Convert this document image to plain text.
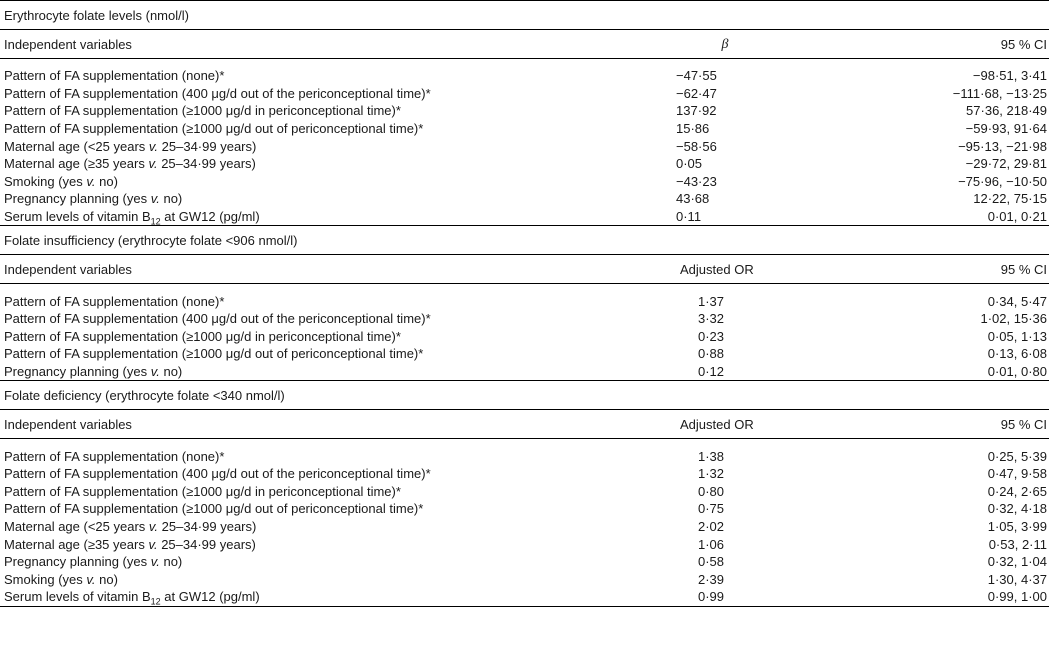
Erythrocyte folate levels (nmol/l)
Independent variables	β	95 % CI
Pattern of FA supplementation (none)*	−47·55	−98·51, 3·41
Pattern of FA supplementation (400 μg/d out of the periconceptional time)*	−62·47	−111·68, −13·25
Pattern of FA supplementation (≥1000 μg/d in periconceptional time)*	137·92	57·36, 218·49
Pattern of FA supplementation (≥1000 μg/d out of periconceptional time)*	15·86	−59·93, 91·64
Maternal age (<25 years v. 25–34·99 years)	−58·56	−95·13, −21·98
Maternal age (≥35 years v. 25–34·99 years)	0·05	−29·72, 29·81
Smoking (yes v. no)	−43·23	−75·96, −10·50
Pregnancy planning (yes v. no)	43·68	12·22, 75·15
Serum levels of vitamin $B_{12}$ at GW12 (pg/ml)	0·11	0·01, 0·21
Folate insufficiency (erythrocyte folate <906 nmol/l)
Independent variables	Adjusted OR	95 % CI
Pattern of FA supplementation (none)*	1·37	0·34, 5·47
Pattern of FA supplementation (400 μg/d out of the periconceptional time)*	3·32	1·02, 15·36
Pattern of FA supplementation (≥1000 μg/d in periconceptional time)*	0·23	0·05, 1·13
Pattern of FA supplementation (≥1000 μg/d out of periconceptional time)*	0·88	0·13, 6·08
Pregnancy planning (yes v. no)	0·12	0·01, 0·80
Folate deficiency (erythrocyte folate <340 nmol/l)
Independent variables	Adjusted OR	95 % CI
Pattern of FA supplementation (none)*	1·38	0·25, 5·39
Pattern of FA supplementation (400 μg/d out of the periconceptional time)*	1·32	0·47, 9·58
Pattern of FA supplementation (≥1000 μg/d in periconceptional time)*	0·80	0·24, 2·65
Pattern of FA supplementation (≥1000 μg/d out of periconceptional time)*	0·75	0·32, 4·18
Maternal age (<25 years v. 25–34·99 years)	2·02	1·05, 3·99
Maternal age (≥35 years v. 25–34·99 years)	1·06	0·53, 2·11
Pregnancy planning (yes v. no)	0·58	0·32, 1·04
Smoking (yes v. no)	2·39	1·30, 4·37
Serum levels of vitamin $B_{12}$ at GW12 (pg/ml)	0·99	0·99, 1·00
